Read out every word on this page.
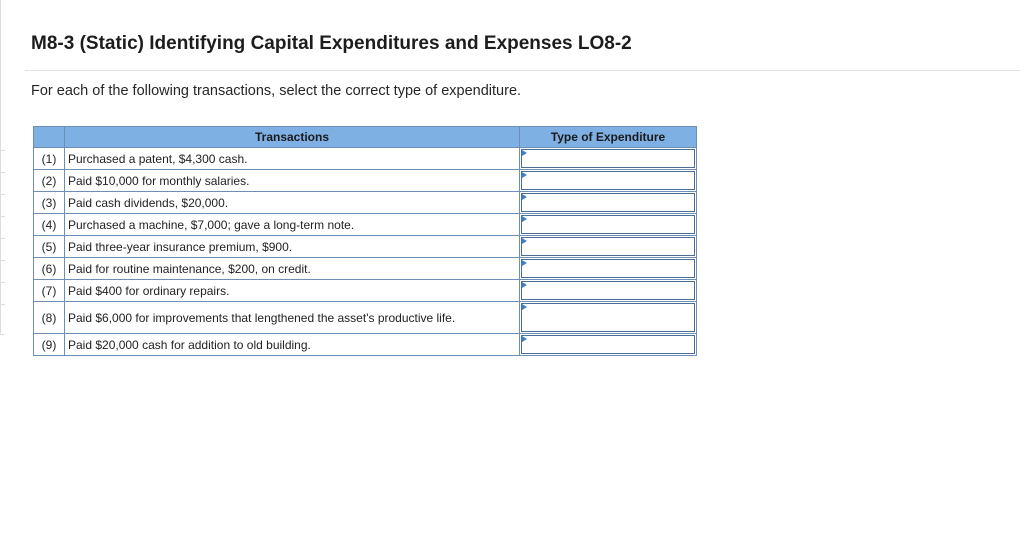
M8-3 (Static) Identifying Capital Expenditures and Expenses LO8-2
For each of the following transactions, select the correct type of expenditure.
	Transactions	Type of Expenditure
(1)	Purchased a patent, $4,300 cash.	

(2)	Paid $10,000 for monthly salaries.	

(3)	Paid cash dividends, $20,000.	

(4)	Purchased a machine, $7,000; gave a long-term note.	

(5)	Paid three-year insurance premium, $900.	

(6)	Paid for routine maintenance, $200, on credit.	

(7)	Paid $400 for ordinary repairs.	

(8)	Paid $6,000 for improvements that lengthened the asset's productive life.	

(9)	Paid $20,000 cash for addition to old building.	
